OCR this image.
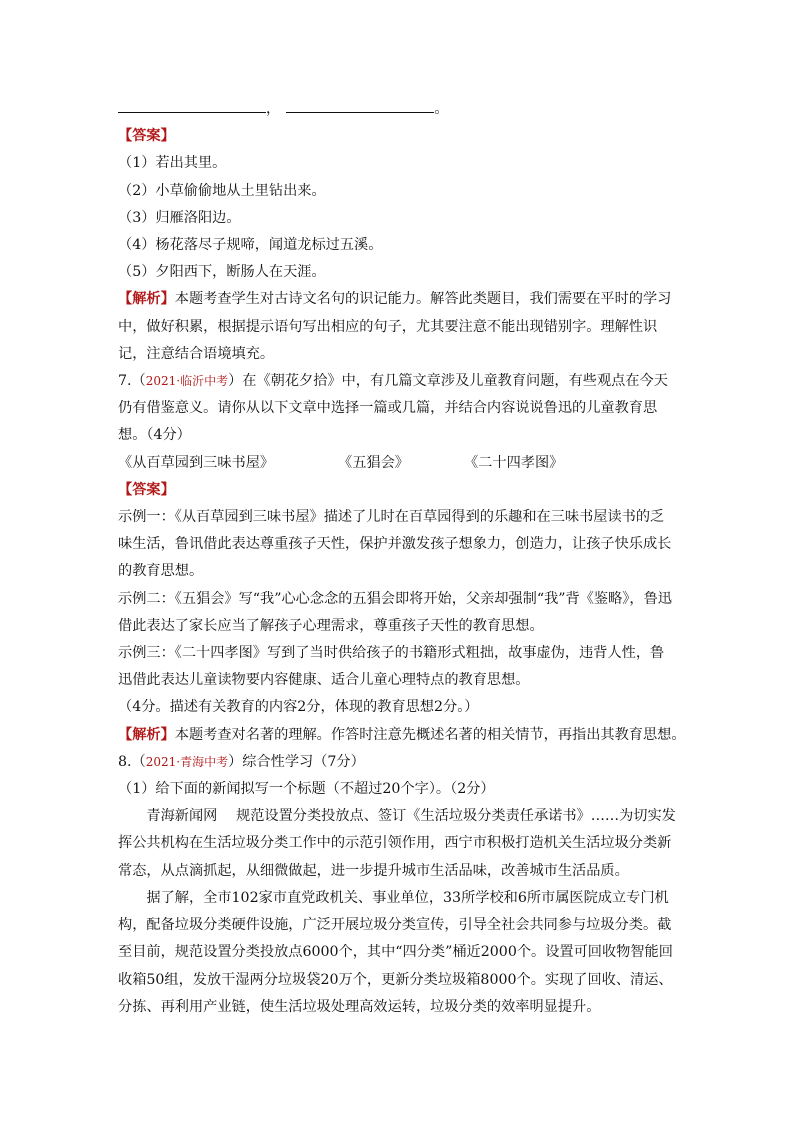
，	。
【答案】
（1）若出其里。
（2）小草偷偷地从土里钻出来。
（3）归雁洛阳边。
（4）杨花落尽子规啼，闻道龙标过五溪。
（5）夕阳西下，断肠人在天涯。
【解析】本题考查学生对古诗文名句的识记能力。解答此类题目，我们需要在平时的学习中，做好积累，根据提示语句写出相应的句子，尤其要注意不能出现错别字。理解性识记，注意结合语境填充。
7.（2021·临沂中考）在《朝花夕拾》中，有几篇文章涉及儿童教育问题，有些观点在今天仍有借鉴意义。请你从以下文章中选择一篇或几篇，并结合内容说说鲁迅的儿童教育思想。（4分）
《从百草园到三味书屋》	《五猖会》	《二十四孝图》
【答案】
示例一：《从百草园到三味书屋》描述了儿时在百草园得到的乐趣和在三味书屋读书的乏味生活，鲁讯借此表达尊重孩子天性，保护并激发孩子想象力，创造力，让孩子快乐成长的教育思想。
示例二：《五猖会》写“我”心心念念的五猖会即将开始，父亲却强制“我”背《鉴略》，鲁迅借此表达了家长应当了解孩子心理需求，尊重孩子天性的教育思想。
示例三：《二十四孝图》写到了当时供给孩子的书籍形式粗拙，故事虚伪，违背人性，鲁迅借此表达儿童读物要内容健康、适合儿童心理特点的教育思想。
（4分。描述有关教育的内容2分，体现的教育思想2分。）
【解析】本题考查对名著的理解。作答时注意先概述名著的相关情节，再指出其教育思想。
8.（2021·青海中考）综合性学习（7分）
（1）给下面的新闻拟写一个标题（不超过20个字）。（2分）
青海新闻网　 规范设置分类投放点、签订《生活垃圾分类责任承诺书》……为切实发挥公共机构在生活垃圾分类工作中的示范引领作用，西宁市积极打造机关生活垃圾分类新常态，从点滴抓起，从细微做起，进一步提升城市生活品味，改善城市生活品质。
据了解，全市102家市直党政机关、事业单位，33所学校和6所市属医院成立专门机构，配备垃圾分类硬件设施，广泛开展垃圾分类宣传，引导全社会共同参与垃圾分类。截至目前，规范设置分类投放点6000个，其中“四分类”桶近2000个。设置可回收物智能回收箱50组，发放干湿两分垃圾袋20万个，更新分类垃圾箱8000个。实现了回收、清运、分拣、再利用产业链，使生活垃圾处理高效运转，垃圾分类的效率明显提升。
